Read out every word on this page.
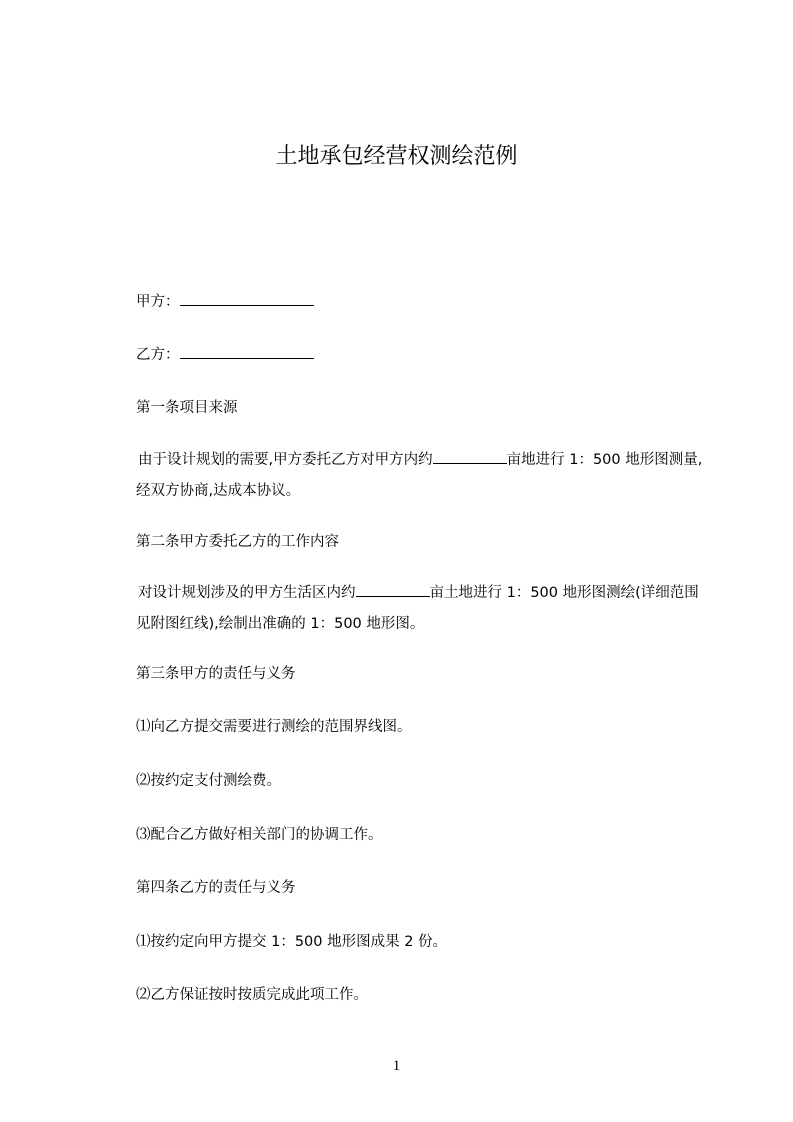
土地承包经营权测绘范例

甲方：

乙方：

第一条项目来源

由于设计规划的需要,甲方委托乙方对甲方内约	亩地进行 1：500 地形图测量,经双方协商,达成本协议。

第二条甲方委托乙方的工作内容

对设计规划涉及的甲方生活区内约	亩土地进行 1：500 地形图测绘(详细范围见附图红线),绘制出准确的 1：500 地形图。

第三条甲方的责任与义务

⑴向乙方提交需要进行测绘的范围界线图。

⑵按约定支付测绘费。

⑶配合乙方做好相关部门的协调工作。

第四条乙方的责任与义务

⑴按约定向甲方提交 1：500 地形图成果 2 份。

⑵乙方保证按时按质完成此项工作。

1
